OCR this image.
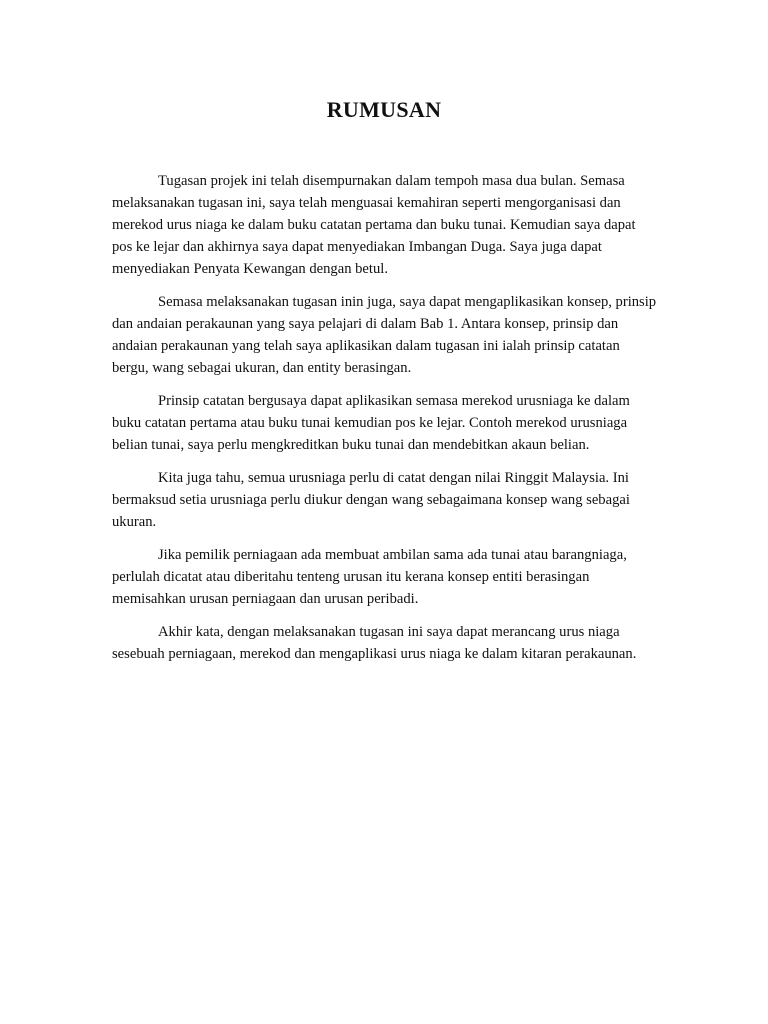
RUMUSAN

Tugasan projek ini telah disempurnakan dalam tempoh masa dua bulan. Semasa melaksanakan tugasan ini, saya telah menguasai kemahiran seperti mengorganisasi dan merekod urus niaga ke dalam buku catatan pertama dan buku tunai. Kemudian saya dapat pos ke lejar dan akhirnya saya dapat menyediakan Imbangan Duga. Saya juga dapat menyediakan Penyata Kewangan dengan betul.

Semasa melaksanakan tugasan inin juga, saya dapat mengaplikasikan konsep, prinsip dan andaian perakaunan yang saya pelajari di dalam Bab 1. Antara konsep, prinsip dan andaian perakaunan yang telah saya aplikasikan dalam tugasan ini ialah prinsip catatan bergu, wang sebagai ukuran, dan entity berasingan.

Prinsip catatan bergusaya dapat aplikasikan semasa merekod urusniaga ke dalam buku catatan pertama atau buku tunai kemudian pos ke lejar. Contoh merekod urusniaga belian tunai, saya perlu mengkreditkan buku tunai dan mendebitkan akaun belian.

Kita juga tahu, semua urusniaga perlu di catat dengan nilai Ringgit Malaysia. Ini bermaksud setia urusniaga perlu diukur dengan wang sebagaimana konsep wang sebagai ukuran.

Jika pemilik perniagaan ada membuat ambilan sama ada tunai atau barangniaga, perlulah dicatat atau diberitahu tenteng urusan itu kerana konsep entiti berasingan memisahkan urusan perniagaan dan urusan peribadi.

Akhir kata, dengan melaksanakan tugasan ini saya dapat merancang urus niaga sesebuah perniagaan, merekod dan mengaplikasi urus niaga ke dalam kitaran perakaunan.
